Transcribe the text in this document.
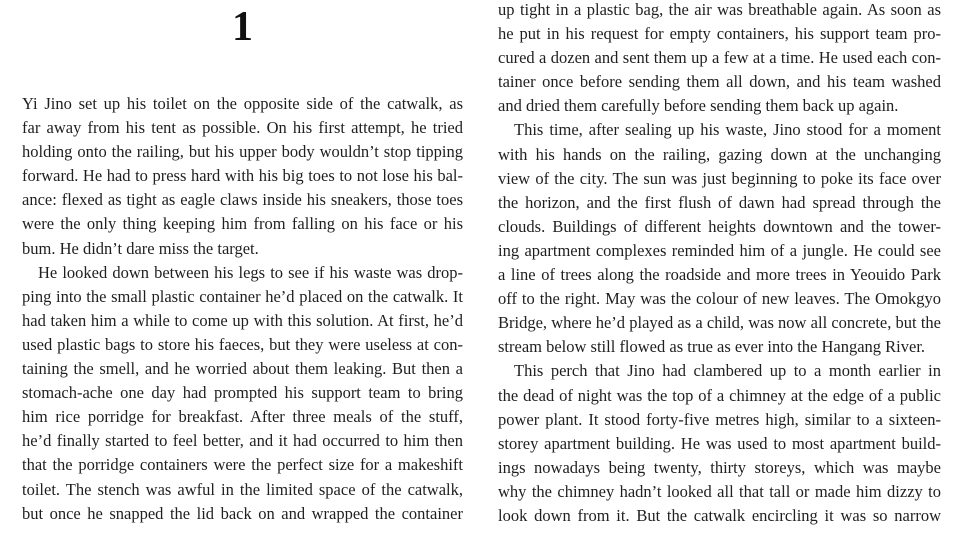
1
Yi Jino set up his toilet on the opposite side of the catwalk, as
far away from his tent as possible. On his first attempt, he tried
holding onto the railing, but his upper body wouldn’t stop tipping
forward. He had to press hard with his big toes to not lose his bal-
ance: flexed as tight as eagle claws inside his sneakers, those toes
were the only thing keeping him from falling on his face or his
bum. He didn’t dare miss the target.
He looked down between his legs to see if his waste was drop-
ping into the small plastic container he’d placed on the catwalk. It
had taken him a while to come up with this solution. At first, he’d
used plastic bags to store his faeces, but they were useless at con-
taining the smell, and he worried about them leaking. But then a
stomach-ache one day had prompted his support team to bring
him rice porridge for breakfast. After three meals of the stuff,
he’d finally started to feel better, and it had occurred to him then
that the porridge containers were the perfect size for a makeshift
toilet. The stench was awful in the limited space of the catwalk,
but once he snapped the lid back on and wrapped the container
up tight in a plastic bag, the air was breathable again. As soon as
he put in his request for empty containers, his support team pro-
cured a dozen and sent them up a few at a time. He used each con-
tainer once before sending them all down, and his team washed
and dried them carefully before sending them back up again.
This time, after sealing up his waste, Jino stood for a moment
with his hands on the railing, gazing down at the unchanging
view of the city. The sun was just beginning to poke its face over
the horizon, and the first flush of dawn had spread through the
clouds. Buildings of different heights downtown and the tower-
ing apartment complexes reminded him of a jungle. He could see
a line of trees along the roadside and more trees in Yeouido Park
off to the right. May was the colour of new leaves. The Omokgyo
Bridge, where he’d played as a child, was now all concrete, but the
stream below still flowed as true as ever into the Hangang River.
This perch that Jino had clambered up to a month earlier in
the dead of night was the top of a chimney at the edge of a public
power plant. It stood forty-five metres high, similar to a sixteen-
storey apartment building. He was used to most apartment build-
ings nowadays being twenty, thirty storeys, which was maybe
why the chimney hadn’t looked all that tall or made him dizzy to
look down from it. But the catwalk encircling it was so narrow
